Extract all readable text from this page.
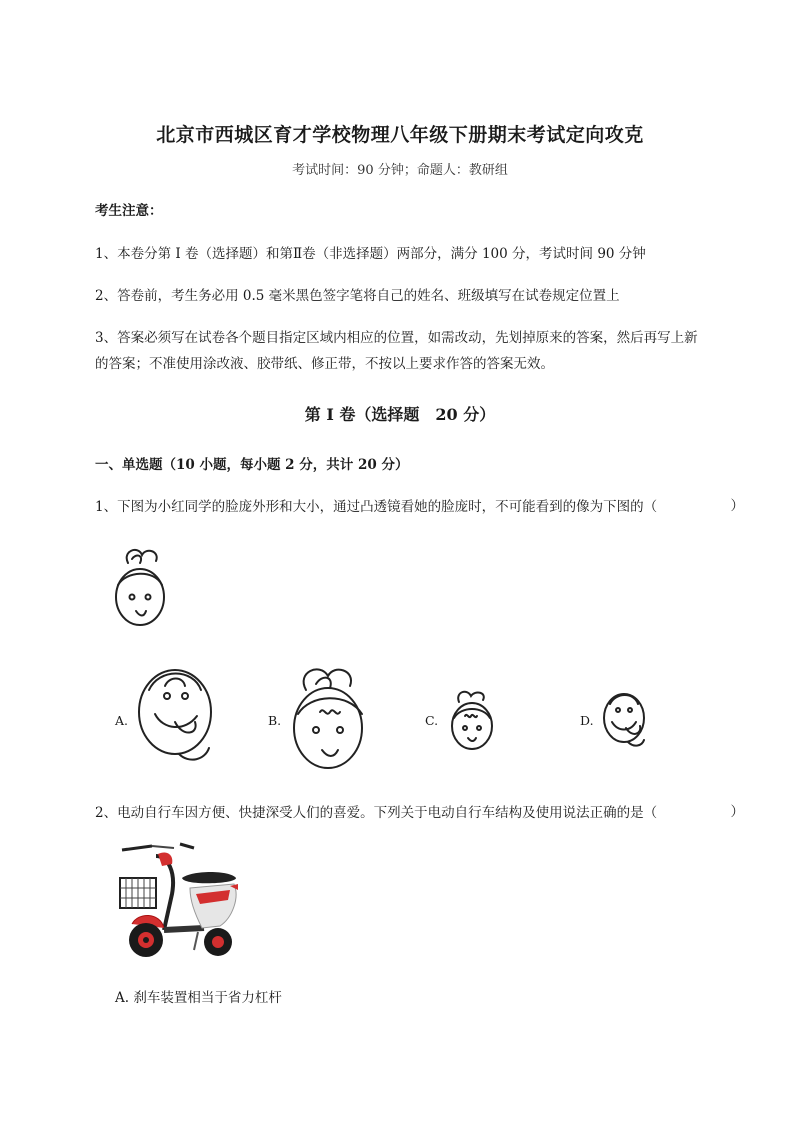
北京市西城区育才学校物理八年级下册期末考试定向攻克
考试时间：90 分钟；命题人：教研组
考生注意：
1、本卷分第 I 卷（选择题）和第Ⅱ卷（非选择题）两部分，满分 100 分，考试时间 90 分钟
2、答卷前，考生务必用 0.5 毫米黑色签字笔将自己的姓名、班级填写在试卷规定位置上
3、答案必须写在试卷各个题目指定区域内相应的位置，如需改动，先划掉原来的答案，然后再写上新
的答案；不准使用涂改液、胶带纸、修正带，不按以上要求作答的答案无效。
第 I 卷（选择题　20 分）
一、单选题（10 小题，每小题 2 分，共计 20 分）
1、下图为小红同学的脸庞外形和大小，通过凸透镜看她的脸庞时，不可能看到的像为下图的（	）
A.	B.	C.	D.
2、电动自行车因方便、快捷深受人们的喜爱。下列关于电动自行车结构及使用说法正确的是（	）
A. 刹车装置相当于省力杠杆
